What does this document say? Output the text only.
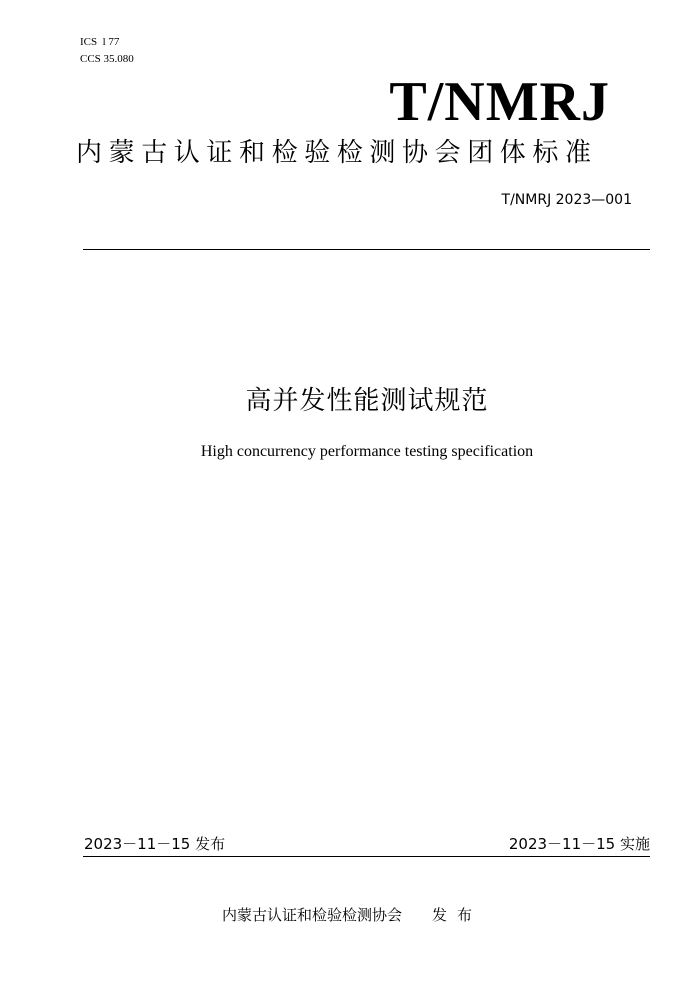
ICS  l 77
CCS 35.080
T/NMRJ
内蒙古认证和检验检测协会团体标准
T/NMRJ 2023—001
高并发性能测试规范
High concurrency performance testing specification
2023－11－15 发布	2023－11－15 实施
内蒙古认证和检验检测协会 发布
